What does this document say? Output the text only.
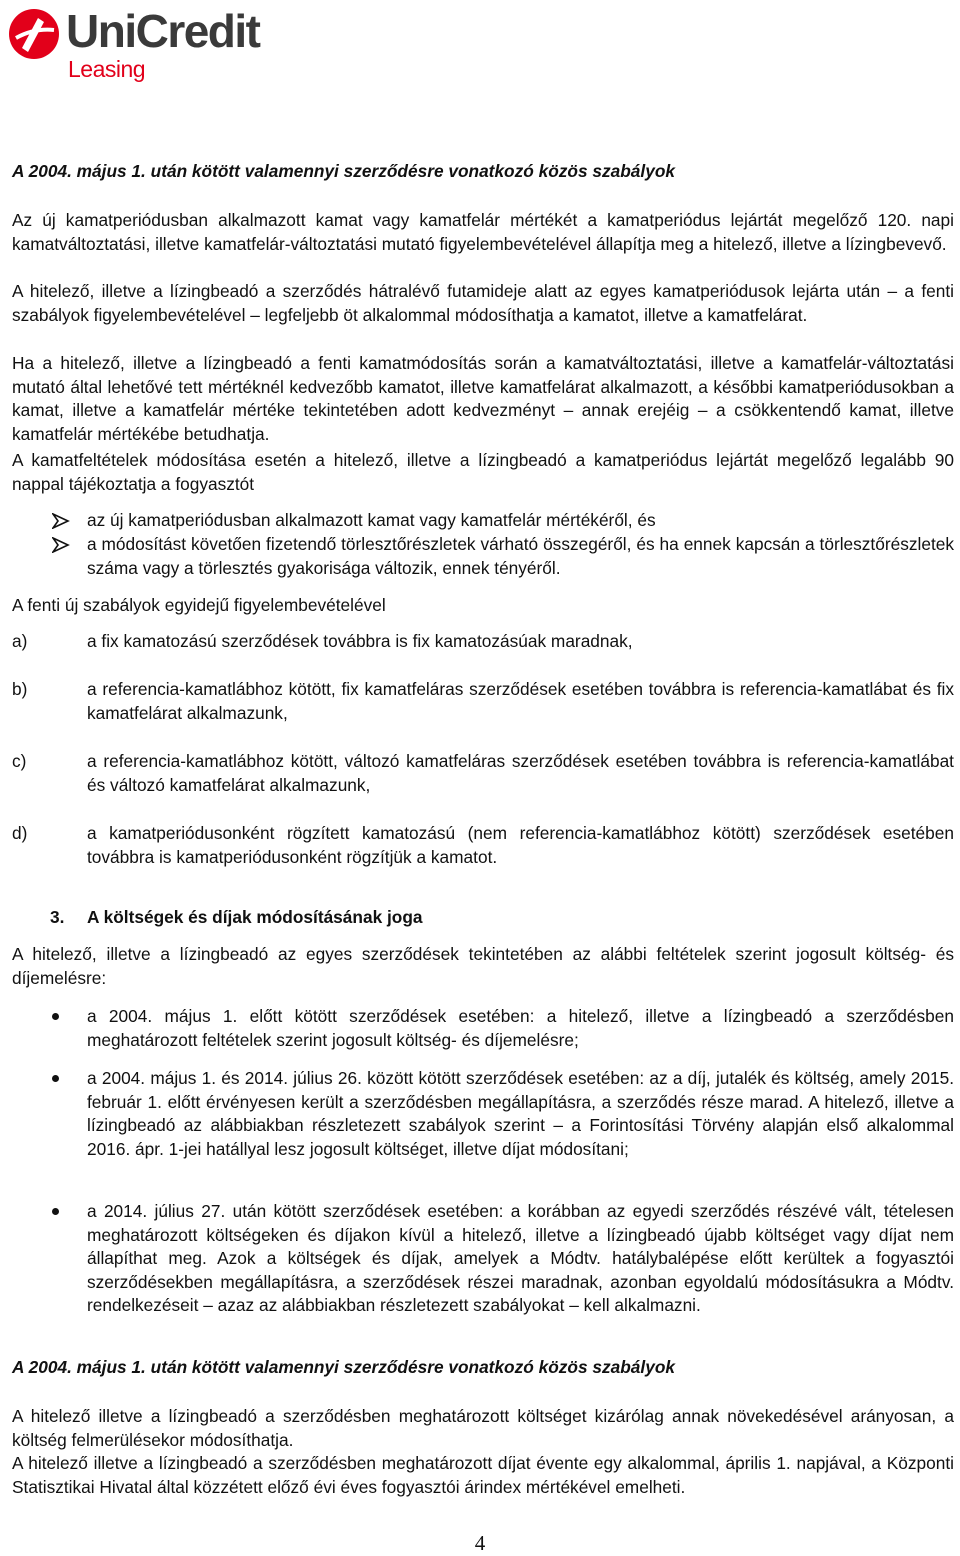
UniCredit
Leasing
A 2004. május 1. után kötött valamennyi szerződésre vonatkozó közös szabályok
Az új kamatperiódusban alkalmazott kamat vagy kamatfelár mértékét a kamatperiódus lejártát megelőző 120. napi kamatváltoztatási, illetve kamatfelár-változtatási mutató figyelembevételével állapítja meg a hitelező, illetve a lízingbevevő.
A hitelező, illetve a lízingbeadó a szerződés hátralévő futamideje alatt az egyes kamatperiódusok lejárta után – a fenti szabályok figyelembevételével – legfeljebb öt alkalommal módosíthatja a kamatot, illetve a kamatfelárat.
Ha a hitelező, illetve a lízingbeadó a fenti kamatmódosítás során a kamatváltoztatási, illetve a kamatfelár-változtatási mutató által lehetővé tett mértéknél kedvezőbb kamatot, illetve kamatfelárat alkalmazott, a későbbi kamatperiódusokban a kamat, illetve a kamatfelár mértéke tekintetében adott kedvezményt – annak erejéig – a csökkentendő kamat, illetve kamatfelár mértékébe betudhatja.
A kamatfeltételek módosítása esetén a hitelező, illetve a lízingbeadó a kamatperiódus lejártát megelőző legalább 90 nappal tájékoztatja a fogyasztót
az új kamatperiódusban alkalmazott kamat vagy kamatfelár mértékéről, és
a módosítást követően fizetendő törlesztőrészletek várható összegéről, és ha ennek kapcsán a törlesztőrészletek száma vagy a törlesztés gyakorisága változik, ennek tényéről.
A fenti új szabályok egyidejű figyelembevételével
a)	a fix kamatozású szerződések továbbra is fix kamatozásúak maradnak,
b)	a referencia-kamatlábhoz kötött, fix kamatfeláras szerződések esetében továbbra is referencia-kamatlábat és fix kamatfelárat alkalmazunk,
c)	a referencia-kamatlábhoz kötött, változó kamatfeláras szerződések esetében továbbra is referencia-kamatlábat és változó kamatfelárat alkalmazunk,
d)	a kamatperiódusonként rögzített kamatozású (nem referencia-kamatlábhoz kötött) szerződések esetében továbbra is kamatperiódusonként rögzítjük a kamatot.
3. A költségek és díjak módosításának joga
A hitelező, illetve a lízingbeadó az egyes szerződések tekintetében az alábbi feltételek szerint jogosult költség- és díjemelésre:
a 2004. május 1. előtt kötött szerződések esetében: a hitelező, illetve a lízingbeadó a szerződésben meghatározott feltételek szerint jogosult költség- és díjemelésre;
a 2004. május 1. és 2014. július 26. között kötött szerződések esetében: az a díj, jutalék és költség, amely 2015. február 1. előtt érvényesen került a szerződésben megállapításra, a szerződés része marad. A hitelező, illetve a lízingbeadó az alábbiakban részletezett szabályok szerint – a Forintosítási Törvény alapján első alkalommal 2016. ápr. 1-jei hatállyal lesz jogosult költséget, illetve díjat módosítani;
a 2014. július 27. után kötött szerződések esetében: a korábban az egyedi szerződés részévé vált, tételesen meghatározott költségeken és díjakon kívül a hitelező, illetve a lízingbeadó újabb költséget vagy díjat nem állapíthat meg. Azok a költségek és díjak, amelyek a Módtv. hatálybalépése előtt kerültek a fogyasztói szerződésekben megállapításra, a szerződések részei maradnak, azonban egyoldalú módosításukra a Módtv. rendelkezéseit – azaz az alábbiakban részletezett szabályokat – kell alkalmazni.
A 2004. május 1. után kötött valamennyi szerződésre vonatkozó közös szabályok
A hitelező illetve a lízingbeadó a szerződésben meghatározott költséget kizárólag annak növekedésével arányosan, a költség felmerülésekor módosíthatja.
A hitelező illetve a lízingbeadó a szerződésben meghatározott díjat évente egy alkalommal, április 1. napjával, a Központi Statisztikai Hivatal által közzétett előző évi éves fogyasztói árindex mértékével emelheti.
4
